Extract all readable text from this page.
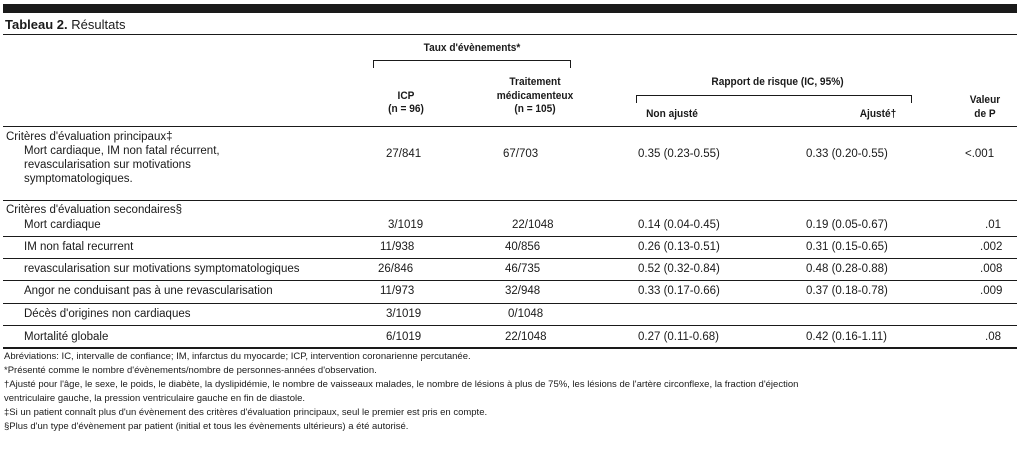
Tableau 2. Résultats
Taux d'évènements*
ICP
(n = 96)
Traitement
médicamenteux
(n = 105)
Rapport de risque (IC, 95%)
Non ajusté	Ajusté†
Valeur
de P
Critères d'évaluation principaux‡
Mort cardiaque, IM non fatal récurrent,
revascularisation sur motivations
symptomatologiques.
27/841	67/703	0.35 (0.23-0.55)	0.33 (0.20-0.55)	<.001
Critères d'évaluation secondaires§
Mort cardiaque	3/1019	22/1048	0.14 (0.04-0.45)	0.19 (0.05-0.67)	.01
IM non fatal recurrent	11/938	40/856	0.26 (0.13-0.51)	0.31 (0.15-0.65)	.002
revascularisation sur motivations symptomatologiques	26/846	46/735	0.52 (0.32-0.84)	0.48 (0.28-0.88)	.008
Angor ne conduisant pas à une revascularisation	11/973	32/948	0.33 (0.17-0.66)	0.37 (0.18-0.78)	.009
Décès d'origines non cardiaques	3/1019	0/1048
Mortalité globale	6/1019	22/1048	0.27 (0.11-0.68)	0.42 (0.16-1.11)	.08
Abréviations: IC, intervalle de confiance; IM, infarctus du myocarde; ICP, intervention coronarienne percutanée.
*Présenté comme le nombre d'évènements/nombre de personnes-années d'observation.
†Ajusté pour l'âge, le sexe, le poids, le diabète, la dyslipidémie, le nombre de vaisseaux malades, le nombre de lésions à plus de 75%, les lésions de l'artère circonflexe, la fraction d'éjection
ventriculaire gauche, la pression ventriculaire gauche en fin de diastole.
‡Si un patient connaît plus d'un évènement des critères d'évaluation principaux, seul le premier est pris en compte.
§Plus d'un type d'évènement par patient (initial et tous les évènements ultérieurs) a été autorisé.
